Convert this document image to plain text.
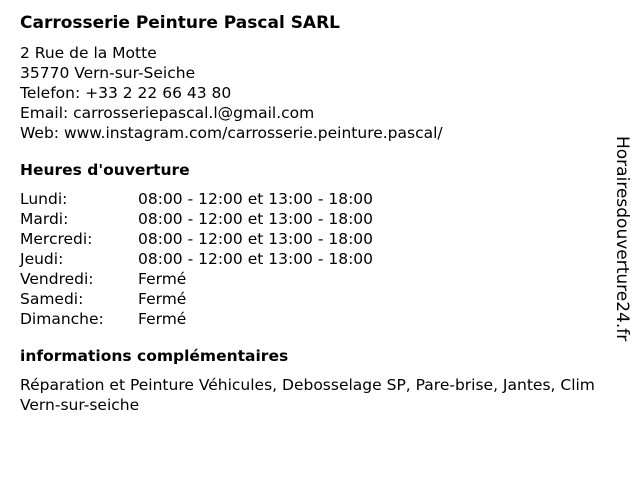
Carrosserie Peinture Pascal SARL
2 Rue de la Motte
35770 Vern-sur-Seiche
Telefon: +33 2 22 66 43 80
Email: carrosseriepascal.l@gmail.com
Web: www.instagram.com/carrosserie.peinture.pascal/
Heures d'ouverture
Lundi:	08:00 - 12:00 et 13:00 - 18:00
Mardi:	08:00 - 12:00 et 13:00 - 18:00
Mercredi:	08:00 - 12:00 et 13:00 - 18:00
Jeudi:	08:00 - 12:00 et 13:00 - 18:00
Vendredi:	Fermé
Samedi:	Fermé
Dimanche:	Fermé
informations complémentaires
Réparation et Peinture Véhicules, Debosselage SP, Pare-brise, Jantes, Clim Vern-sur-seiche
Horairesdouverture24.fr
